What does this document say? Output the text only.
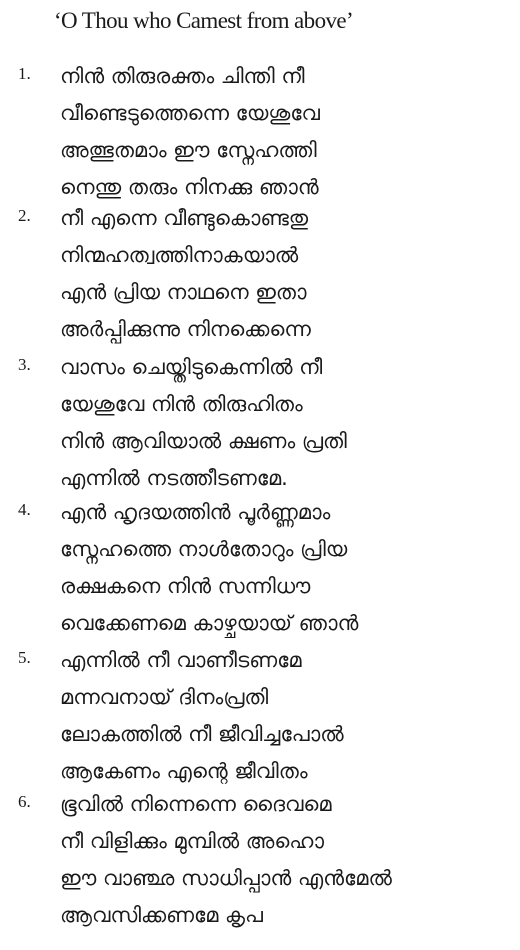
‘O Thou who Camest from above’
1. നിൻ തിരുരക്തം ചിന്തി നീ
വീണ്ടെടുത്തെന്നെ യേശുവേ
അത്ഭുതമാം ഈ സ്നേഹത്തി
നെന്തു തരും നിനക്കു ഞാൻ
2. നീ എന്നെ വീണ്ടുകൊണ്ടതു
നിന്മഹത്വത്തിനാകയാൽ
എൻ പ്രിയ നാഥനെ ഇതാ
അർപ്പിക്കുന്നു നിനക്കെന്നെ
3. വാസം ചെയ്തിടുകെന്നിൽ നീ
യേശുവേ നിൻ തിരുഹിതം
നിൻ ആവിയാൽ ക്ഷണം പ്രതി
എന്നിൽ നടത്തീടണമേ.
4. എൻ ഹൃദയത്തിൻ പൂർണ്ണമാം
സ്നേഹത്തെ നാൾതോറും പ്രിയ
രക്ഷകനെ നിൻ സന്നിധൗ
വെക്കേണമെ കാഴ്ചയായ് ഞാൻ
5. എന്നിൽ നീ വാണീടണമേ
മന്നവനായ് ദിനംപ്രതി
ലോകത്തിൽ നീ ജീവിച്ചപോൽ
ആകേണം എന്റെ ജീവിതം
6. ഭൂവിൽ നിന്നെന്നെ ദൈവമെ
നീ വിളിക്കും മുമ്പിൽ അഹൊ
ഈ വാഞ്ഛ സാധിപ്പാൻ എൻമേൽ
ആവസിക്കണമേ കൃപ
